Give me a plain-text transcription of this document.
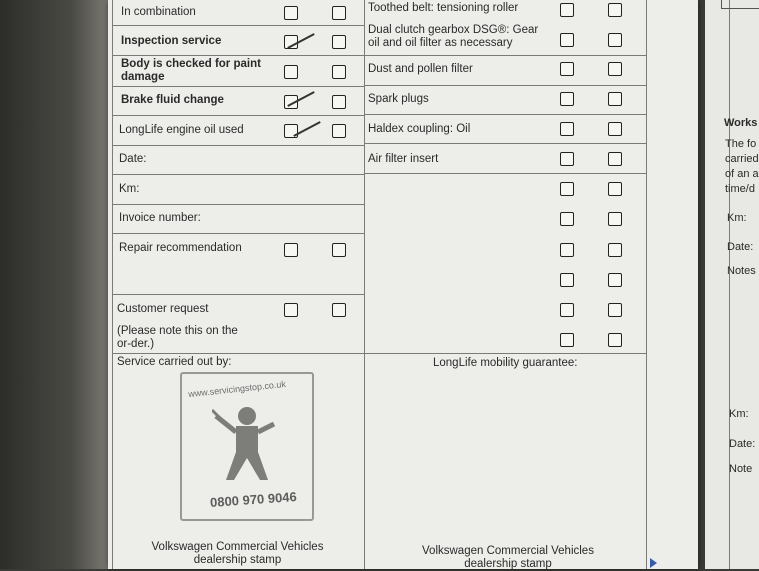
In combination
Inspection service
Body is checked for paint damage
Brake fluid change
LongLife engine oil used
Date:
Km:
Invoice number:
Repair recommendation
Customer request
(Please note this on the or-der.)
Toothed belt: tensioning roller
Dual clutch gearbox DSG®: Gear oil and oil filter as necessary
Dust and pollen filter
Spark plugs
Haldex coupling: Oil
Air filter insert
Service carried out by:	LongLife mobility guarantee:
www.servicingstop.co.uk
0800 970 9046
Volkswagen Commercial Vehicles dealership stamp
Volkswagen Commercial Vehicles dealership stamp
Works
The fo
carried
of an a
time/d
Km:
Date:
Notes
Km:
Date:
Note
